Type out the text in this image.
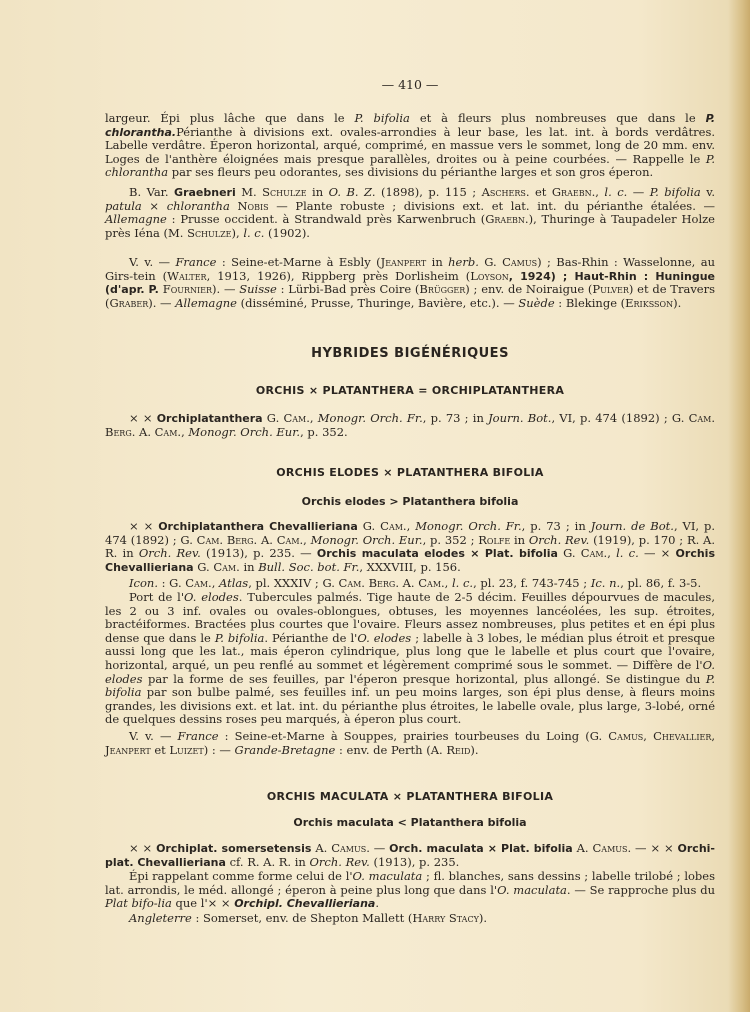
— 410 —

largeur. Épi plus lâche que dans le P. bifolia et à fleurs plus nombreuses que dans le P. chlorantha.Périanthe à divisions ext. ovales-arrondies à leur base, les lat. int. à bords verdâtres. Labelle verdâtre. Éperon horizontal, arqué, comprimé, en massue vers le sommet, long de 20 mm. env. Loges de l'anthère éloignées mais presque parallèles, droites ou à peine courbées. — Rappelle le P. chlorantha par ses fleurs peu odorantes, ses divisions du périanthe larges et son gros éperon.

B. Var. Graebneri M. Schulze in O. B. Z. (1898), p. 115 ; Aschers. et Graebn., l. c. — P. bifolia v. patula × chlorantha Nobis — Plante robuste ; divisions ext. et lat. int. du périanthe étalées. — Allemagne : Prusse occident. à Strandwald près Karwenbruch (Graebn.), Thuringe à Taupadeler Holze près Iéna (M. Schulze), l. c. (1902).

V. v. — France : Seine-et-Marne à Esbly (Jeanpert in herb. G. Camus) ; Bas-Rhin : Wasselonne, au Girs-tein (Walter, 1913, 1926), Rippberg près Dorlisheim (Loyson, 1924) ; Haut-Rhin : Huningue (d'apr. P. Fournier). — Suisse : Lürbi-Bad près Coire (Brügger) ; env. de Noiraigue (Pulver) et de Travers (Graber). — Allemagne (disséminé, Prusse, Thuringe, Bavière, etc.). — Suède : Blekinge (Eriksson).

HYBRIDES BIGÉNÉRIQUES
ORCHIS × PLATANTHERA = ORCHIPLATANTHERA

× × Orchiplatanthera G. Cam., Monogr. Orch. Fr., p. 73 ; in Journ. Bot., VI, p. 474 (1892) ; G. Cam. Berg. A. Cam., Monogr. Orch. Eur., p. 352.

ORCHIS ELODES × PLATANTHERA BIFOLIA
Orchis elodes > Platanthera bifolia

× × Orchiplatanthera Chevallieriana G. Cam., Monogr. Orch. Fr., p. 73 ; in Journ. de Bot., VI, p. 474 (1892) ; G. Cam. Berg. A. Cam., Monogr. Orch. Eur., p. 352 ; Rolfe in Orch. Rev. (1919), p. 170 ; R. A. R. in Orch. Rev. (1913), p. 235. — Orchis maculata elodes × Plat. bifolia G. Cam., l. c. — × Orchis Chevallieriana G. Cam. in Bull. Soc. bot. Fr., XXXVIII, p. 156.

Icon. : G. Cam., Atlas, pl. XXXIV ; G. Cam. Berg. A. Cam., l. c., pl. 23, f. 743-745 ; Ic. n., pl. 86, f. 3-5.

Port de l'O. elodes. Tubercules palmés. Tige haute de 2-5 décim. Feuilles dépourvues de macules, les 2 ou 3 inf. ovales ou ovales-oblongues, obtuses, les moyennes lancéolées, les sup. étroites, bractéiformes. Bractées plus courtes que l'ovaire. Fleurs assez nombreuses, plus petites et en épi plus dense que dans le P. bifolia. Périanthe de l'O. elodes ; labelle à 3 lobes, le médian plus étroit et presque aussi long que les lat., mais éperon cylindrique, plus long que le labelle et plus court que l'ovaire, horizontal, arqué, un peu renflé au sommet et légèrement comprimé sous le sommet. — Diffère de l'O. elodes par la forme de ses feuilles, par l'éperon presque horizontal, plus allongé. Se distingue du P. bifolia par son bulbe palmé, ses feuilles inf. un peu moins larges, son épi plus dense, à fleurs moins grandes, les divisions ext. et lat. int. du périanthe plus étroites, le labelle ovale, plus large, 3-lobé, orné de quelques dessins roses peu marqués, à éperon plus court.

V. v. — France : Seine-et-Marne à Souppes, prairies tourbeuses du Loing (G. Camus, Chevallier, Jeanpert et Luizet) : — Grande-Bretagne : env. de Perth (A. Reid).

ORCHIS MACULATA × PLATANTHERA BIFOLIA
Orchis maculata < Platanthera bifolia

× × Orchiplat. somersetensis A. Camus. — Orch. maculata × Plat. bifolia A. Camus. — × × Orchi-plat. Chevallieriana cf. R. A. R. in Orch. Rev. (1913), p. 235.

Épi rappelant comme forme celui de l'O. maculata ; fl. blanches, sans dessins ; labelle trilobé ; lobes lat. arrondis, le méd. allongé ; éperon à peine plus long que dans l'O. maculata. — Se rapproche plus du Plat bifo-lia que l'× × Orchipl. Chevallieriana.

Angleterre : Somerset, env. de Shepton Mallett (Harry Stacy).
